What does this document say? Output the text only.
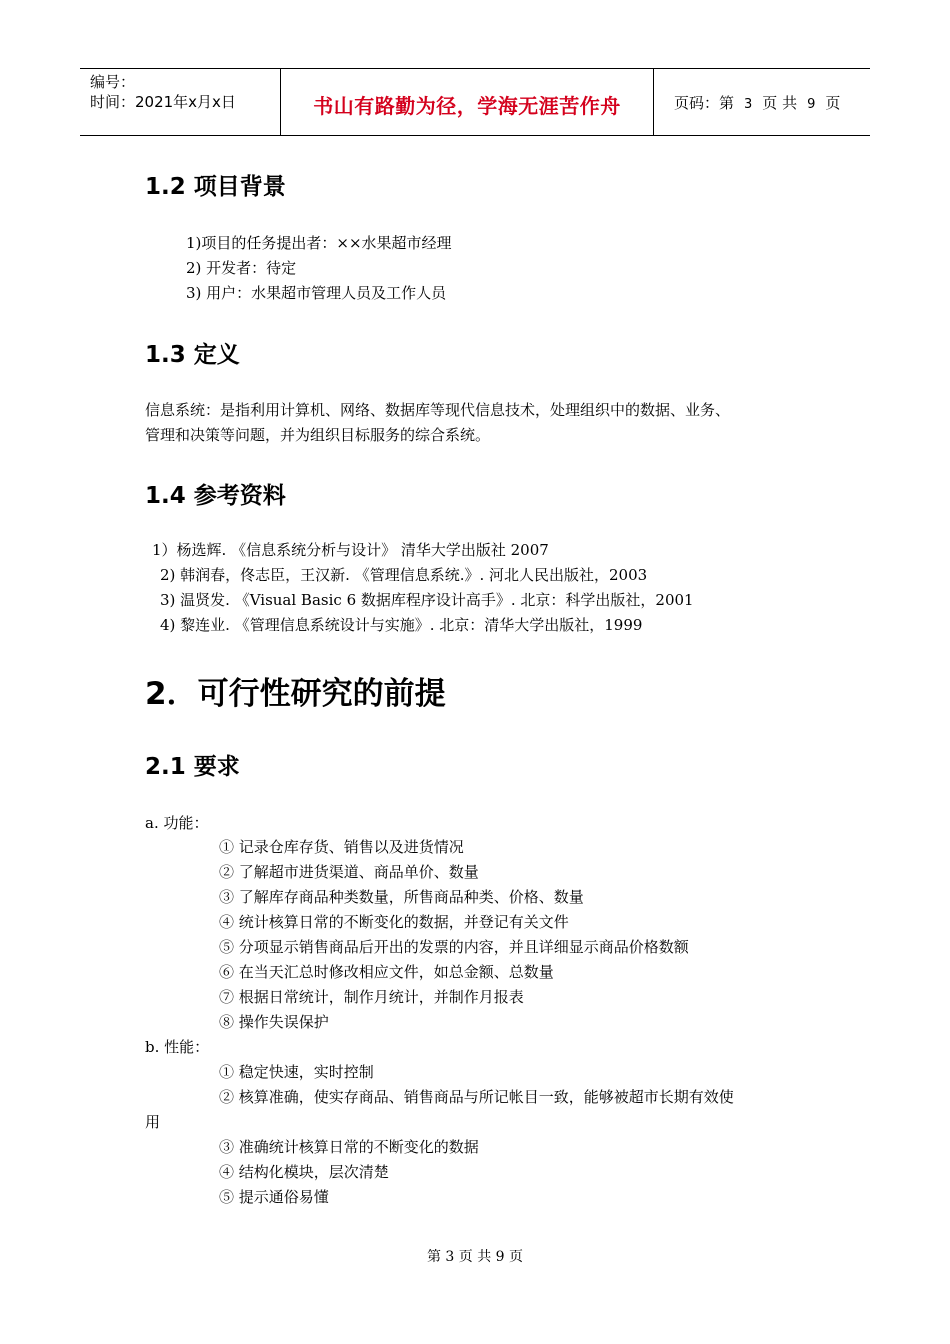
编号：
时间：2021年x月x日	书山有路勤为径，学海无涯苦作舟	页码：第 3 页 共 9 页
1.2 项目背景
1)项目的任务提出者：××水果超市经理
2) 开发者：待定
3) 用户：水果超市管理人员及工作人员
1.3 定义
信息系统：是指利用计算机、网络、数据库等现代信息技术，处理组织中的数据、业务、
管理和决策等问题，并为组织目标服务的综合系统。
1.4 参考资料
1）杨选辉. 《信息系统分析与设计》 清华大学出版社 2007
2) 韩润春，佟志臣，王汉新. 《管理信息系统.》. 河北人民出版社，2003
3) 温贤发. 《Visual Basic 6 数据库程序设计高手》. 北京：科学出版社，2001
4) 黎连业. 《管理信息系统设计与实施》. 北京：清华大学出版社，1999
2．可行性研究的前提
2.1 要求
a. 功能：
① 记录仓库存货、销售以及进货情况
② 了解超市进货渠道、商品单价、数量
③ 了解库存商品种类数量，所售商品种类、价格、数量
④ 统计核算日常的不断变化的数据，并登记有关文件
⑤ 分项显示销售商品后开出的发票的内容，并且详细显示商品价格数额
⑥ 在当天汇总时修改相应文件，如总金额、总数量
⑦ 根据日常统计，制作月统计，并制作月报表
⑧ 操作失误保护
b. 性能：
① 稳定快速，实时控制
② 核算准确，使实存商品、销售商品与所记帐目一致，能够被超市长期有效使
用
③ 准确统计核算日常的不断变化的数据
④ 结构化模块，层次清楚
⑤ 提示通俗易懂
第 3 页 共 9 页
